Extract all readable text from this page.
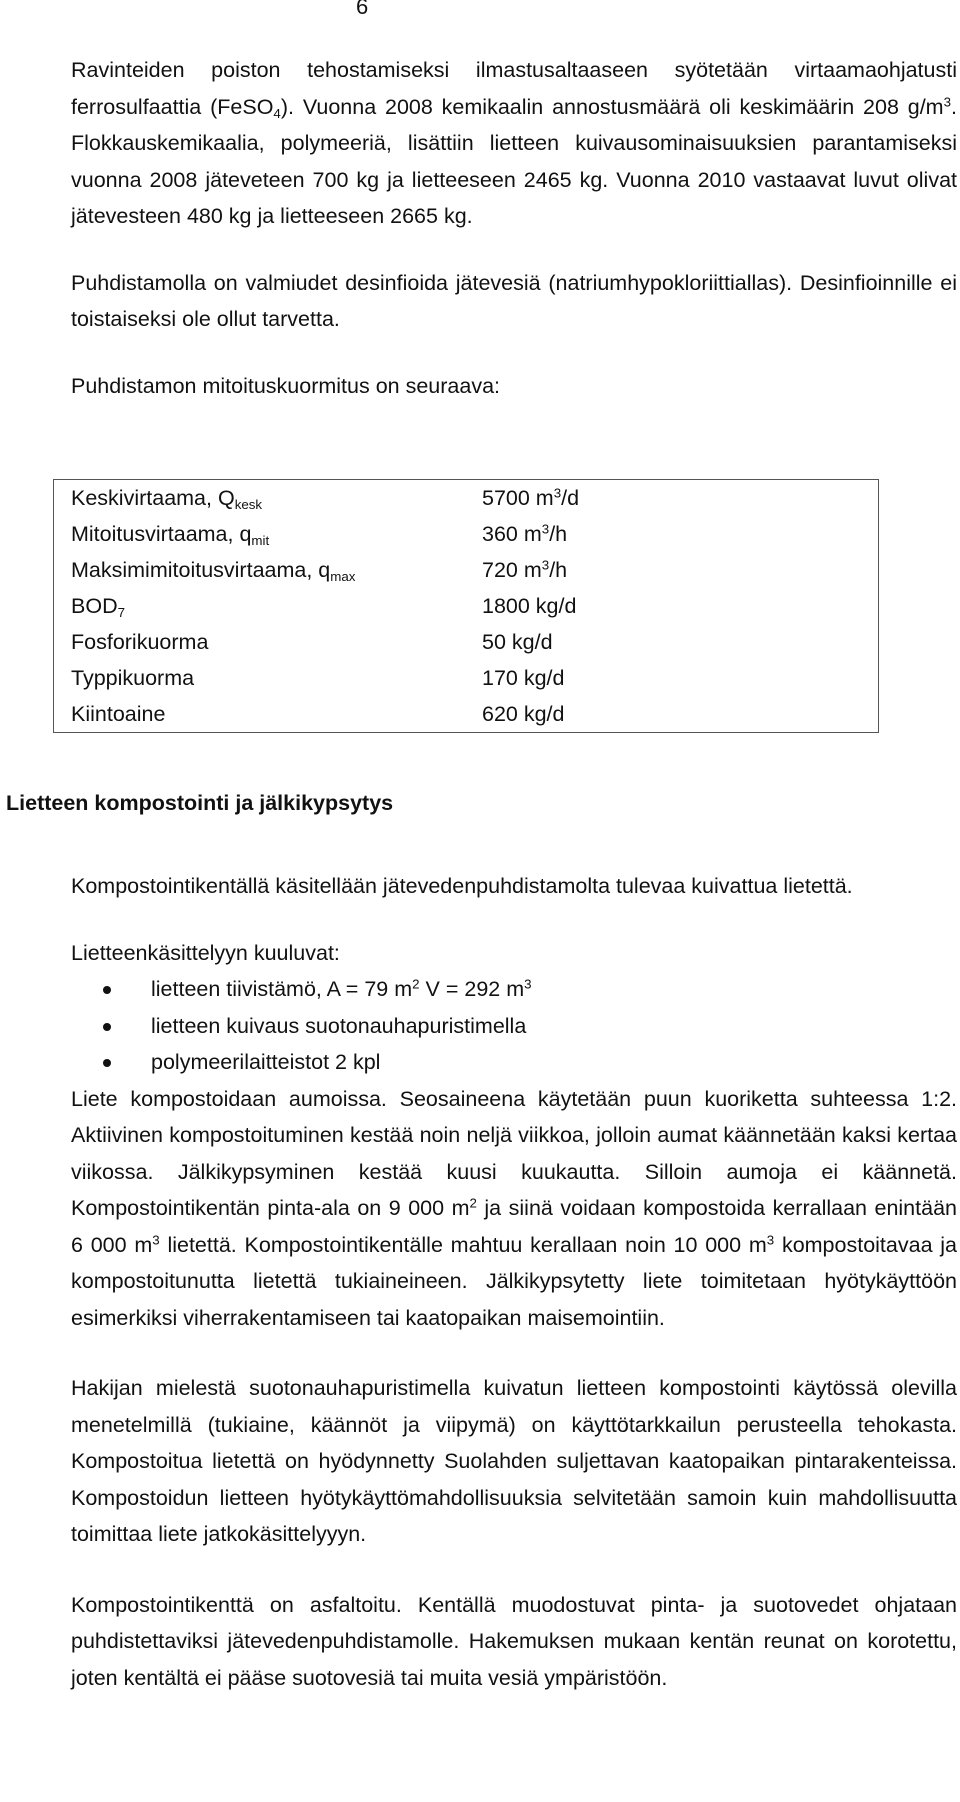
6

Ravinteiden poiston tehostamiseksi ilmastusaltaaseen syötetään virtaamaohjatusti ferrosulfaattia (FeSO$_4$). Vuonna 2008 kemikaalin annostusmäärä oli keskimäärin 208 $g/m^3$. Flokkauskemikaalia, polymeeriä, lisättiin lietteen kuivausominaisuuksien parantamiseksi vuonna 2008 jäteveteen 700 kg ja lietteeseen 2465 kg. Vuonna 2010 vastaavat luvut olivat jätevesteen 480 kg ja lietteeseen 2665 kg.

Puhdistamolla on valmiudet desinfioida jätevesiä (natriumhypokloriittiallas). Desinfioinnille ei toistaiseksi ole ollut tarvetta.

Puhdistamon mitoituskuormitus on seuraava:

Keskivirtaama, $Q_{kesk}$	5700 $m^3/d$
Mitoitusvirtaama, $q_{mit}$	360 $m^3/h$
Maksimimitoitusvirtaama, $q_{max}$	720 $m^3/h$
$BOD_7$	1800 kg/d
Fosforikuorma	50 kg/d
Typpikuorma	170 kg/d
Kiintoaine	620 kg/d
Lietteen kompostointi ja jälkikypsytys

Kompostointikentällä käsitellään jätevedenpuhdistamolta tulevaa kuivattua lietettä.

Lietteenkäsittelyyn kuuluvat:

lietteen tiivistämö, A = 79 $m^2$ V = 292 $m^3$
lietteen kuivaus suotonauhapuristimella
polymeerilaitteistot 2 kpl

Liete kompostoidaan aumoissa. Seosaineena käytetään puun kuoriketta suhteessa 1:2. Aktiivinen kompostoituminen kestää noin neljä viikkoa, jolloin aumat käännetään kaksi kertaa viikossa. Jälkikypsyminen kestää kuusi kuukautta. Silloin aumoja ei käännetä. Kompostointikentän pinta-ala on 9 000 $m^2$ ja siinä voidaan kompostoida kerrallaan enintään 6 000 $m^3$ lietettä. Kompostointikentälle mahtuu kerallaan noin 10 000 $m^3$ kompostoitavaa ja kompostoitunutta lietettä tukiaineineen. Jälkikypsytetty liete toimitetaan hyötykäyttöön esimerkiksi viherrakentamiseen tai kaatopaikan maisemointiin.

Hakijan mielestä suotonauhapuristimella kuivatun lietteen kompostointi käytössä olevilla menetelmillä (tukiaine, käännöt ja viipymä) on käyttötarkkailun perusteella tehokasta. Kompostoitua lietettä on hyödynnetty Suolahden suljettavan kaatopaikan pintarakenteissa. Kompostoidun lietteen hyötykäyttömahdollisuuksia selvitetään samoin kuin mahdollisuutta toimittaa liete jatkokäsittelyyyn.

Kompostointikenttä on asfaltoitu. Kentällä muodostuvat pinta- ja suotovedet ohjataan puhdistettaviksi jätevedenpuhdistamolle. Hakemuksen mukaan kentän reunat on korotettu, joten kentältä ei pääse suotovesiä tai muita vesiä ympäristöön.
